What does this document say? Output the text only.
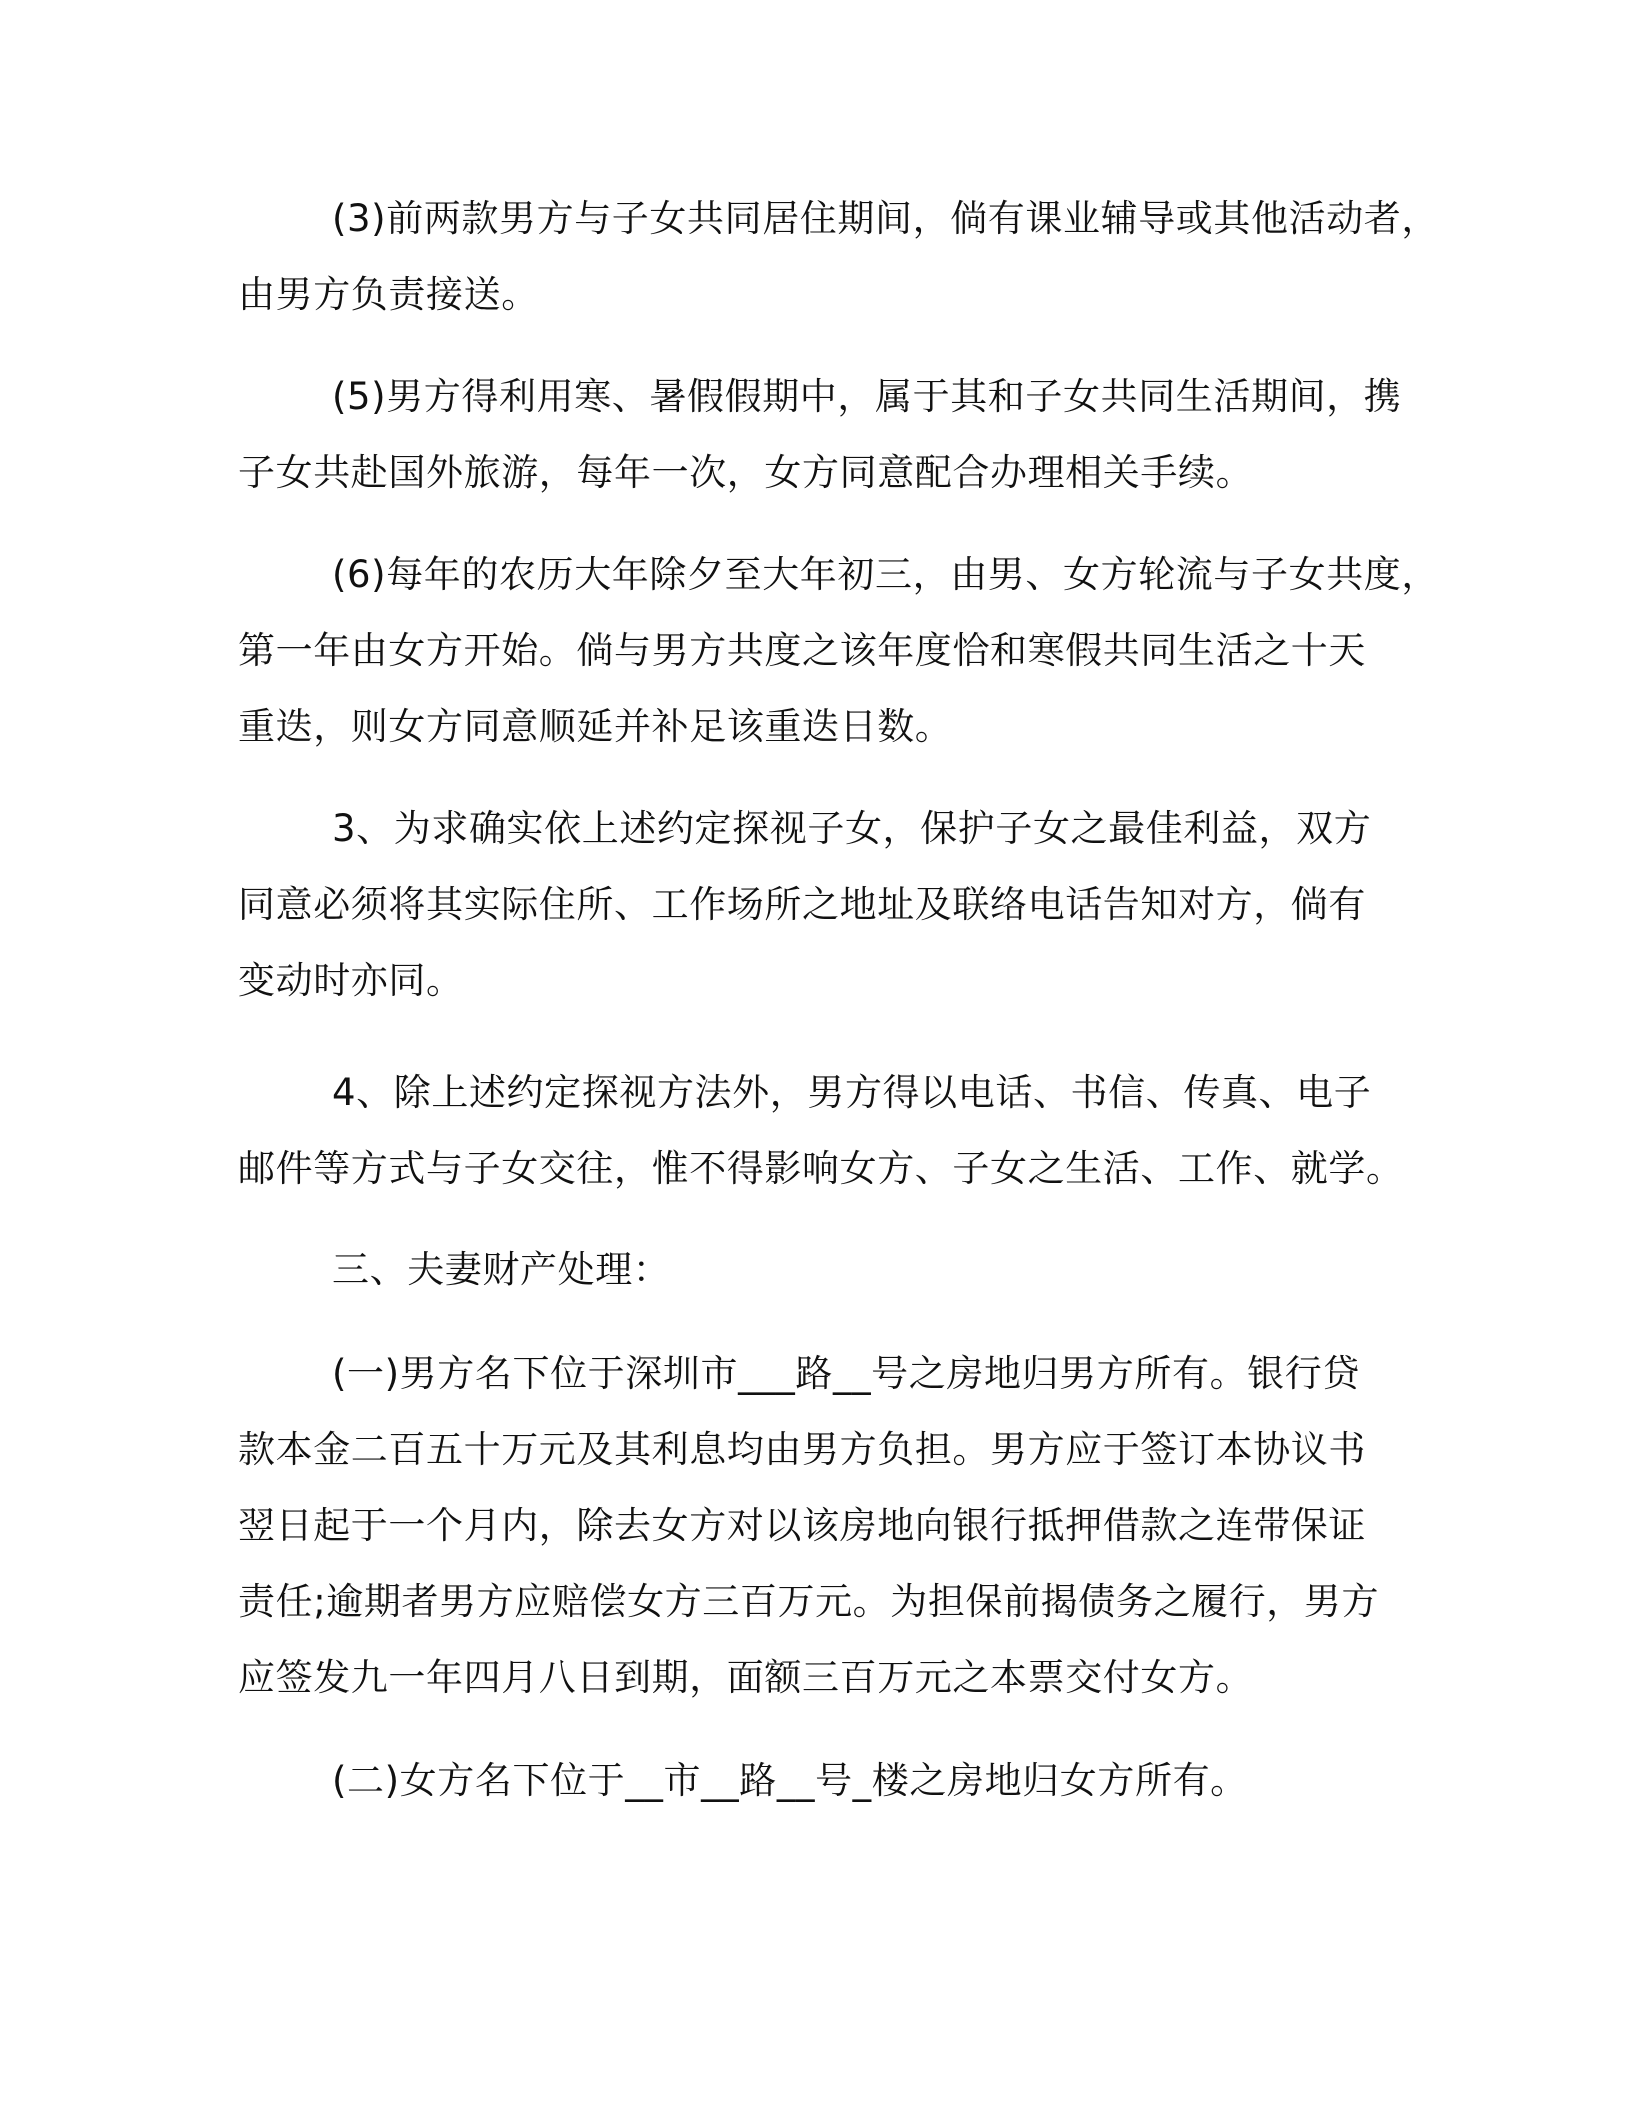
(3)前两款男方与子女共同居住期间，倘有课业辅导或其他活动者，
由男方负责接送。
(5)男方得利用寒、暑假假期中，属于其和子女共同生活期间，携
子女共赴国外旅游，每年一次，女方同意配合办理相关手续。
(6)每年的农历大年除夕至大年初三，由男、女方轮流与子女共度，
第一年由女方开始。倘与男方共度之该年度恰和寒假共同生活之十天
重迭，则女方同意顺延并补足该重迭日数。
3、为求确实依上述约定探视子女，保护子女之最佳利益，双方
同意必须将其实际住所、工作场所之地址及联络电话告知对方，倘有
变动时亦同。
4、除上述约定探视方法外，男方得以电话、书信、传真、电子
邮件等方式与子女交往，惟不得影响女方、子女之生活、工作、就学。
三、夫妻财产处理：
(一)男方名下位于深圳市___路__号之房地归男方所有。银行贷
款本金二百五十万元及其利息均由男方负担。男方应于签订本协议书
翌日起于一个月内，除去女方对以该房地向银行抵押借款之连带保证
责任;逾期者男方应赔偿女方三百万元。为担保前揭债务之履行，男方
应签发九一年四月八日到期，面额三百万元之本票交付女方。
(二)女方名下位于__市__路__号_楼之房地归女方所有。
